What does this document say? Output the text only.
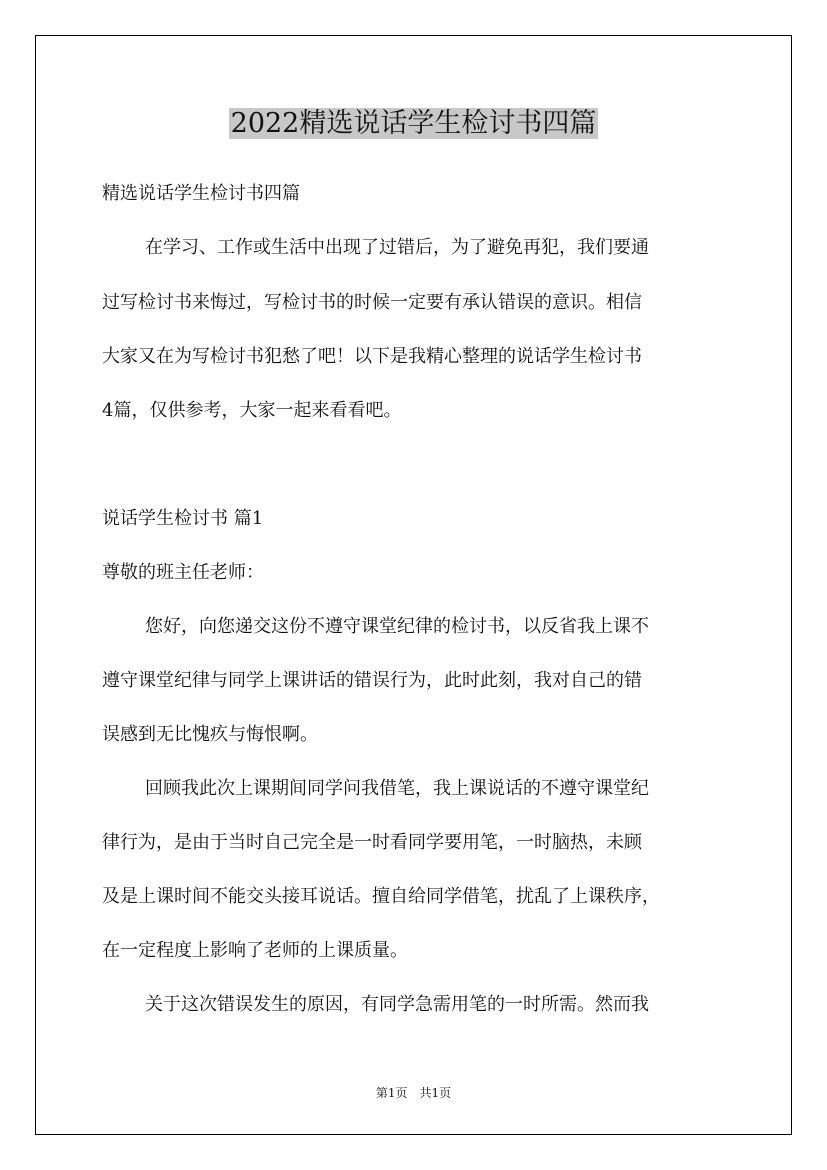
2022精选说话学生检讨书四篇
精选说话学生检讨书四篇
在学习、工作或生活中出现了过错后，为了避免再犯，我们要通
过写检讨书来悔过，写检讨书的时候一定要有承认错误的意识。相信
大家又在为写检讨书犯愁了吧！以下是我精心整理的说话学生检讨书
4篇，仅供参考，大家一起来看看吧。
说话学生检讨书 篇1
尊敬的班主任老师：
您好，向您递交这份不遵守课堂纪律的检讨书，以反省我上课不
遵守课堂纪律与同学上课讲话的错误行为，此时此刻，我对自己的错
误感到无比愧疚与悔恨啊。
回顾我此次上课期间同学问我借笔，我上课说话的不遵守课堂纪
律行为，是由于当时自己完全是一时看同学要用笔，一时脑热，未顾
及是上课时间不能交头接耳说话。擅自给同学借笔，扰乱了上课秩序，
在一定程度上影响了老师的上课质量。
关于这次错误发生的原因，有同学急需用笔的一时所需。然而我
第1页　共1页
